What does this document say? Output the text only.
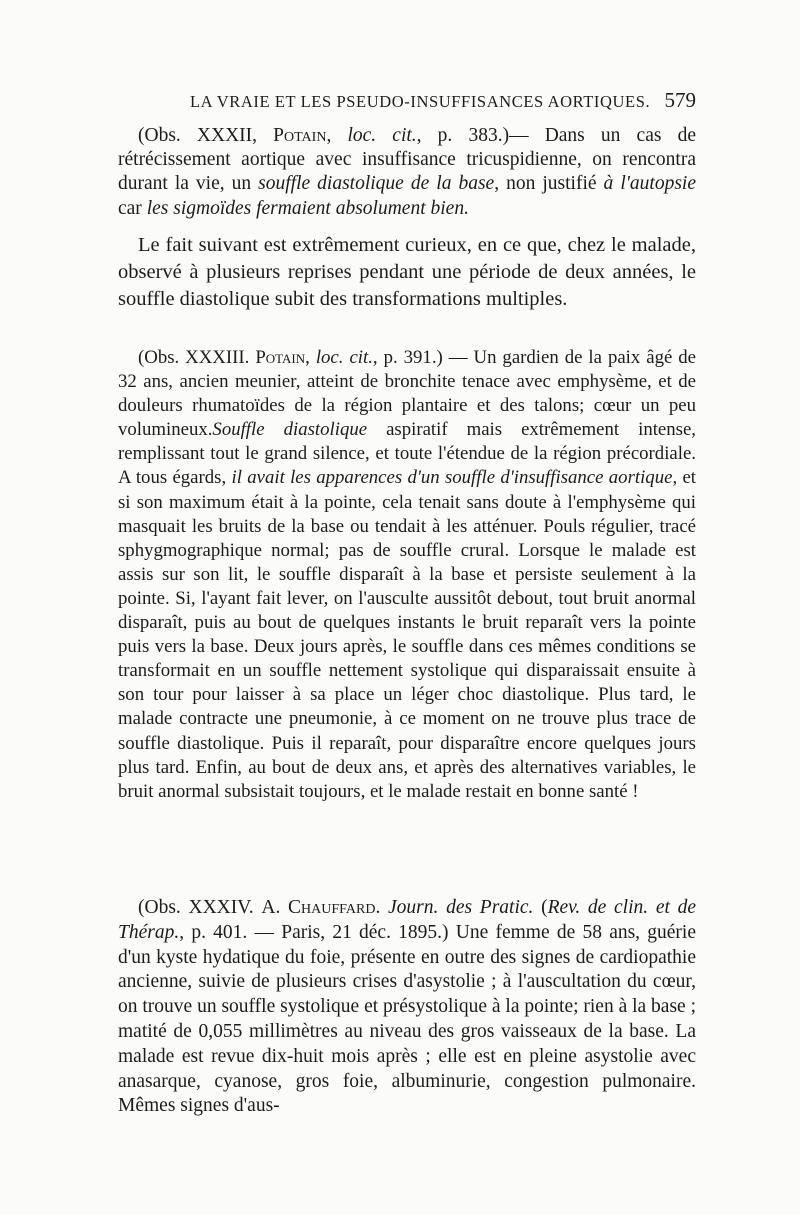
LA VRAIE ET LES PSEUDO-INSUFFISANCES AORTIQUES. 579

(Obs. XXXII, Potain, loc. cit., p. 383.)— Dans un cas de rétrécissement aortique avec insuffisance tricuspidienne, on rencontra durant la vie, un souffle diastolique de la base, non justifié à l'autopsie car les sigmoïdes fermaient absolument bien.

Le fait suivant est extrêmement curieux, en ce que, chez le malade, observé à plusieurs reprises pendant une période de deux années, le souffle diastolique subit des transformations multiples.

(Obs. XXXIII. Potain, loc. cit., p. 391.) — Un gardien de la paix âgé de 32 ans, ancien meunier, atteint de bronchite tenace avec emphysème, et de douleurs rhumatoïdes de la région plantaire et des talons; cœur un peu volumineux.Souffle diastolique aspiratif mais extrêmement intense, remplissant tout le grand silence, et toute l'étendue de la région précordiale. A tous égards, il avait les apparences d'un souffle d'insuffisance aortique, et si son maximum était à la pointe, cela tenait sans doute à l'emphysème qui masquait les bruits de la base ou tendait à les atténuer. Pouls régulier, tracé sphygmographique normal; pas de souffle crural. Lorsque le malade est assis sur son lit, le souffle disparaît à la base et persiste seulement à la pointe. Si, l'ayant fait lever, on l'ausculte aussitôt debout, tout bruit anormal disparaît, puis au bout de quelques instants le bruit reparaît vers la pointe puis vers la base. Deux jours après, le souffle dans ces mêmes conditions se transformait en un souffle nettement systolique qui disparaissait ensuite à son tour pour laisser à sa place un léger choc diastolique. Plus tard, le malade contracte une pneumonie, à ce moment on ne trouve plus trace de souffle diastolique. Puis il reparaît, pour disparaître encore quelques jours plus tard. Enfin, au bout de deux ans, et après des alternatives variables, le bruit anormal subsistait toujours, et le malade restait en bonne santé !

(Obs. XXXIV. A. Chauffard. Journ. des Pratic. (Rev. de clin. et de Thérap., p. 401. — Paris, 21 déc. 1895.) Une femme de 58 ans, guérie d'un kyste hydatique du foie, présente en outre des signes de cardiopathie ancienne, suivie de plusieurs crises d'asystolie ; à l'auscultation du cœur, on trouve un souffle systolique et présystolique à la pointe; rien à la base ; matité de 0,055 millimètres au niveau des gros vaisseaux de la base. La malade est revue dix-huit mois après ; elle est en pleine asystolie avec anasarque, cyanose, gros foie, albuminurie, congestion pulmonaire. Mêmes signes d'aus-
